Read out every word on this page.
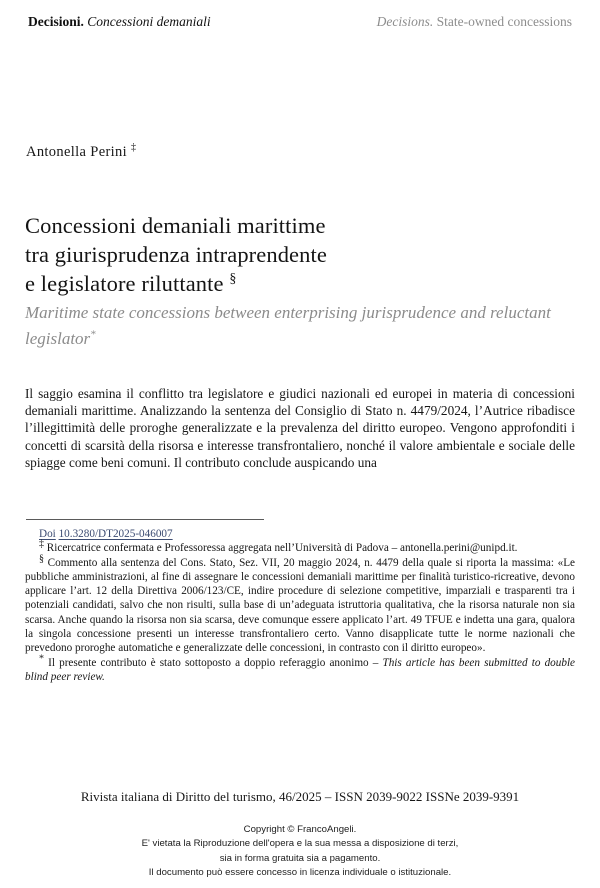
Decisioni. Concessioni demaniali	Decisions. State-owned concessions
Antonella Perini ‡
Concessioni demaniali marittime
tra giurisprudenza intraprendente
e legislatore riluttante §
Maritime state concessions between enterprising jurisprudence and reluctant legislator*
Il saggio esamina il conflitto tra legislatore e giudici nazionali ed europei in materia di concessioni demaniali marittime. Analizzando la sentenza del Consiglio di Stato n. 4479/2024, l’Autrice ribadisce l’illegittimità delle proroghe generalizzate e la prevalenza del diritto europeo. Vengono approfonditi i concetti di scarsità della risorsa e interesse transfrontaliero, nonché il valore ambientale e sociale delle spiagge come beni comuni. Il contributo conclude auspicando una
Doi 10.3280/DT2025-046007

‡ Ricercatrice confermata e Professoressa aggregata nell’Università di Padova – antonella.perini@unipd.it.

§ Commento alla sentenza del Cons. Stato, Sez. VII, 20 maggio 2024, n. 4479 della quale si riporta la massima: «Le pubbliche amministrazioni, al fine di assegnare le concessioni demaniali marittime per finalità turistico-ricreative, devono applicare l’art. 12 della Direttiva 2006/123/CE, indire procedure di selezione competitive, imparziali e trasparenti tra i potenziali candidati, salvo che non risulti, sulla base di un’adeguata istruttoria qualitativa, che la risorsa naturale non sia scarsa. Anche quando la risorsa non sia scarsa, deve comunque essere applicato l’art. 49 TFUE e indetta una gara, qualora la singola concessione presenti un interesse transfrontaliero certo. Vanno disapplicate tutte le norme nazionali che prevedono proroghe automatiche e generalizzate delle concessioni, in contrasto con il diritto europeo».

* Il presente contributo è stato sottoposto a doppio referaggio anonimo – This article has been submitted to double blind peer review.

Rivista italiana di Diritto del turismo, 46/2025 – ISSN 2039-9022 ISSNe 2039-9391
Copyright © FrancoAngeli.
E' vietata la Riproduzione dell'opera e la sua messa a disposizione di terzi,
sia in forma gratuita sia a pagamento.
Il documento può essere concesso in licenza individuale o istituzionale.
